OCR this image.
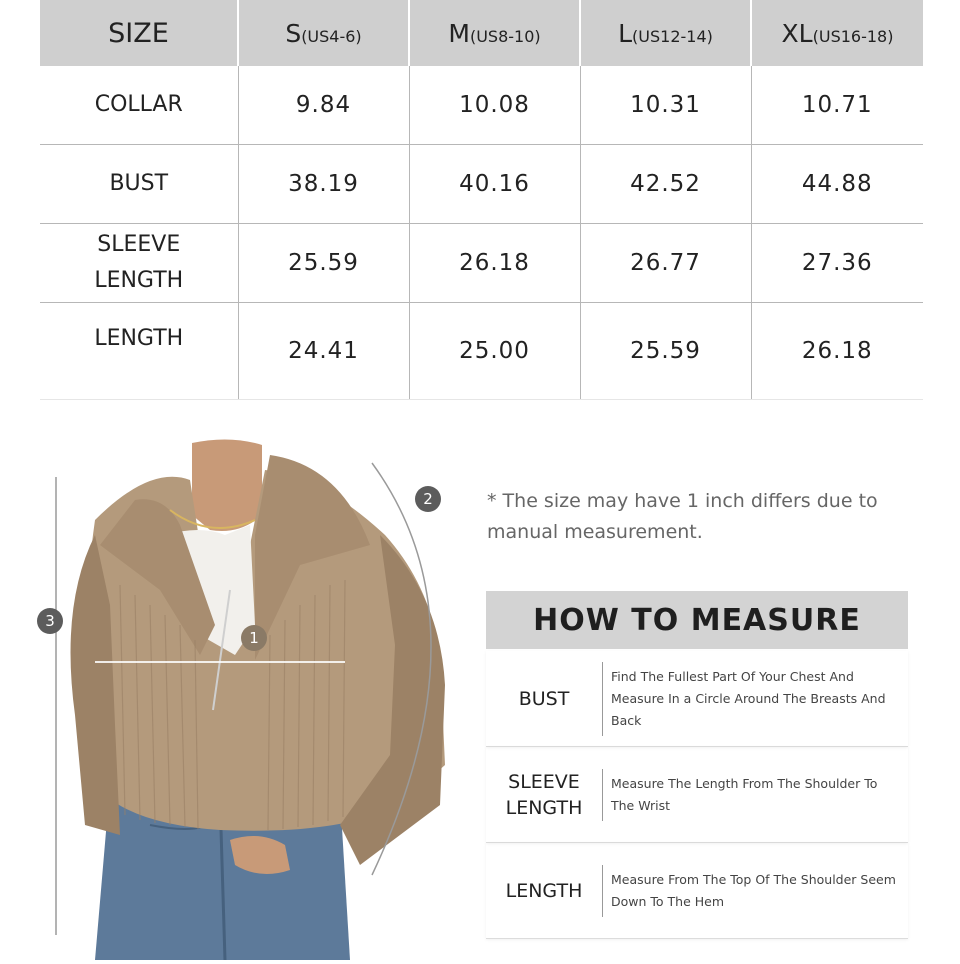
SIZE	S(US4-6)	M(US8-10)	L(US12-14)	XL(US16-18)
COLLAR	9.84	10.08	10.31	10.71
BUST	38.19	40.16	42.52	44.88

SLEEVE LENGTH	25.59	26.18	26.77	27.36
LENGTH	24.41	25.00	25.59	26.18
1
2
3

* The size may have 1 inch differs due to manual measurement.

HOW TO MEASURE
BUST
Find The Fullest Part Of Your Chest And Measure In a Circle Around The Breasts And Back
SLEEVE LENGTH
Measure The Length From The Shoulder To The Wrist
LENGTH
Measure From The Top Of The Shoulder Seem Down To The Hem
